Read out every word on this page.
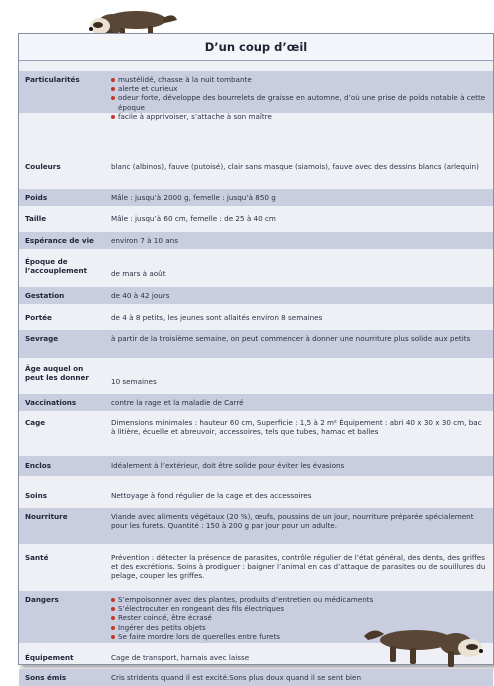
D’un coup d’œil
Particularités	mustélidé, chasse à la nuit tombante
alerte et curieux
odeur forte, développe des bourrelets de graisse en automne, d’où une prise de poids notable à cette époque
facile à apprivoiser, s’attache à son maître
Couleurs	blanc (albinos), fauve (putoisé), clair sans masque (siamois), fauve avec des dessins blancs (arlequin)
Poids	Mâle : jusqu’à 2000 g, femelle : jusqu’à 850 g
Taille	Mâle : jusqu’à 60 cm, femelle : de 25 à 40 cm
Espérance de vie	environ 7 à 10 ans
Époque de l’accouplement	de mars à août
Gestation	de 40 à 42 jours
Portée	de 4 à 8 petits, les jeunes sont allaités environ 8 semaines
Sevrage	à partir de la troisième semaine, on peut commencer à donner une nourriture plus solide aux petits
Âge auquel on peut les donner	10 semaines
Vaccinations	contre la rage et la maladie de Carré
Cage	Dimensions minimales : hauteur 60 cm, Superficie : 1,5 à 2 m² Équipement : abri 40 x 30 x 30 cm, bac à litière, écuelle et abreuvoir, accessoires, tels que tubes, hamac et balles
Enclos	Idéalement à l’extérieur, doit être solide pour éviter les évasions
Soins	Nettoyage à fond régulier de la cage et des accessoires
Nourriture	Viande avec aliments végétaux (20 %), œufs, poussins de un jour, nourriture préparée spécialement pour les furets. Quantité : 150 à 200 g par jour pour un adulte.
Santé	Prévention : détecter la présence de parasites, contrôle régulier de l’état général, des dents, des griffes et des excrétions. Soins à prodiguer : baigner l’animal en cas d’attaque de parasites ou de souillures du pelage, couper les griffes.
Dangers	S’empoisonner avec des plantes, produits d’entretien ou médicaments
S’électrocuter en rongeant des fils électriques
Rester coincé, être écrasé
Ingérer des petits objets
Se faire mordre lors de querelles entre furets
Équipement	Cage de transport, harnais avec laisse
Sons émis	Cris stridents quand il est excité.Sons plus doux quand il se sent bien
